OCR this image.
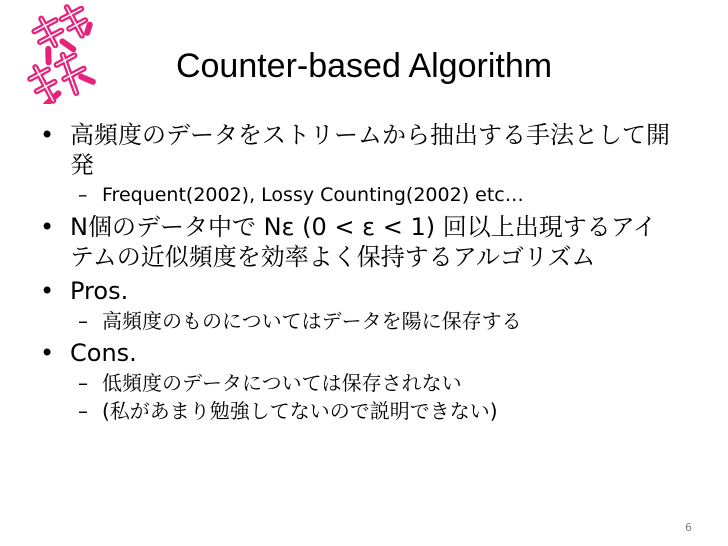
Counter-based Algorithm
• 高頻度のデータをストリームから抽出する手法として開発
– Frequent(2002), Lossy Counting(2002) etc…
• N個のデータ中で Nε (0 < ε < 1) 回以上出現するアイテムの近似頻度を効率よく保持するアルゴリズム
• Pros.
– 高頻度のものについてはデータを陽に保存する
• Cons.
– 低頻度のデータについては保存されない
– (私があまり勉強してないので説明できない)
6
